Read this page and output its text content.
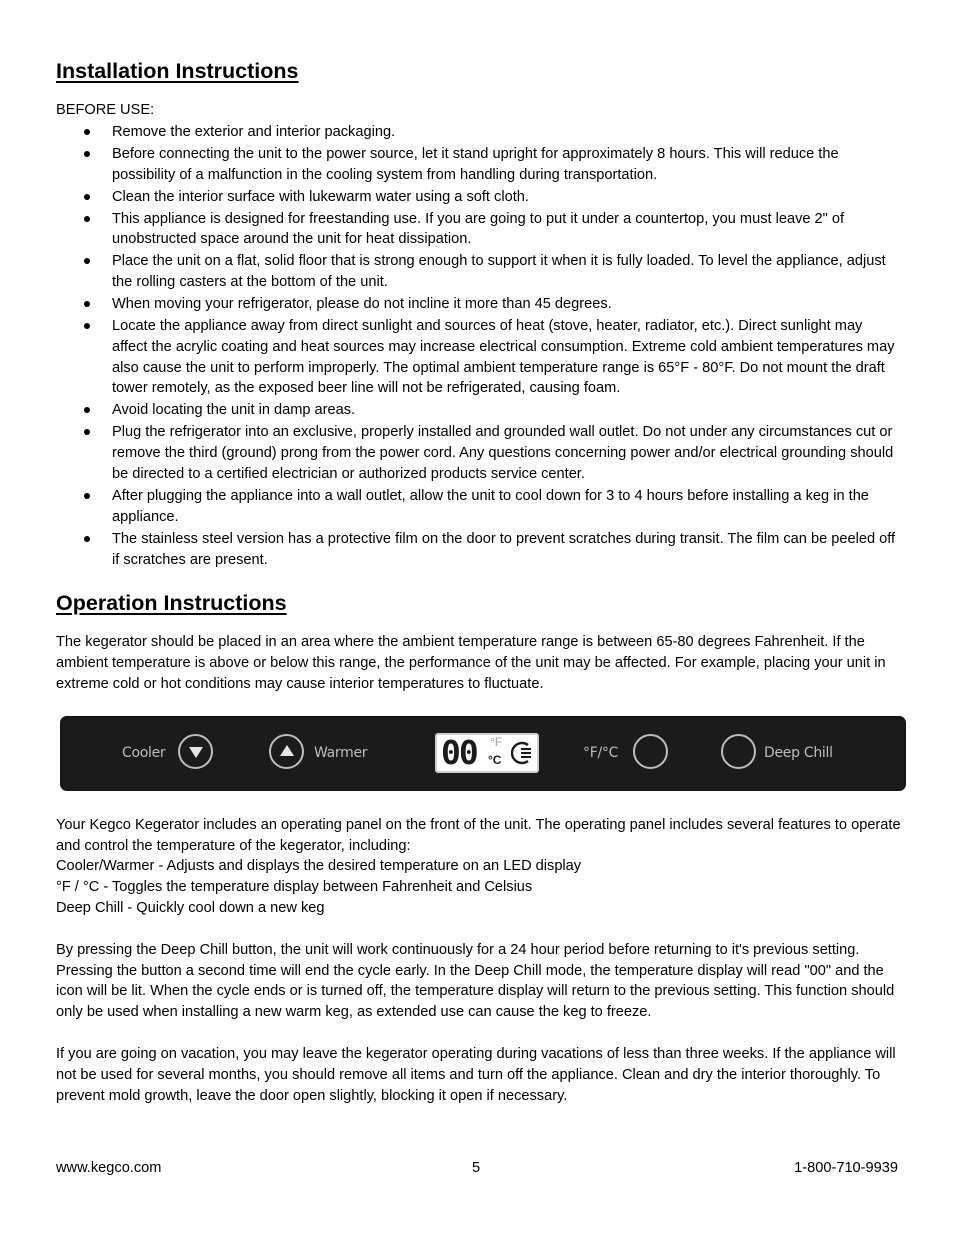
Installation Instructions
BEFORE USE:
Remove the exterior and interior packaging.
Before connecting the unit to the power source, let it stand upright for approximately 8 hours. This will reduce the possibility of a malfunction in the cooling system from handling during transportation.
Clean the interior surface with lukewarm water using a soft cloth.
This appliance is designed for freestanding use. If you are going to put it under a countertop, you must leave 2" of unobstructed space around the unit for heat dissipation.
Place the unit on a flat, solid floor that is strong enough to support it when it is fully loaded. To level the appliance, adjust the rolling casters at the bottom of the unit.
When moving your refrigerator, please do not incline it more than 45 degrees.
Locate the appliance away from direct sunlight and sources of heat (stove, heater, radiator, etc.). Direct sunlight may affect the acrylic coating and heat sources may increase electrical consumption. Extreme cold ambient temperatures may also cause the unit to perform improperly. The optimal ambient temperature range is 65°F - 80°F. Do not mount the draft tower remotely, as the exposed beer line will not be refrigerated, causing foam.
Avoid locating the unit in damp areas.
Plug the refrigerator into an exclusive, properly installed and grounded wall outlet. Do not under any circumstances cut or remove the third (ground) prong from the power cord. Any questions concerning power and/or electrical grounding should be directed to a certified electrician or authorized products service center.
After plugging the appliance into a wall outlet, allow the unit to cool down for 3 to 4 hours before installing a keg in the appliance.
The stainless steel version has a protective film on the door to prevent scratches during transit. The film can be peeled off if scratches are present.
Operation Instructions

The kegerator should be placed in an area where the ambient temperature range is between 65-80 degrees Fahrenheit. If the ambient temperature is above or below this range, the performance of the unit may be affected. For example, placing your unit in extreme cold or hot conditions may cause interior temperatures to fluctuate.

Cooler	Warmer 00 °F
°C	°F/°C	Deep Chill

Your Kegco Kegerator includes an operating panel on the front of the unit. The operating panel includes several features to operate and control the temperature of the kegerator, including:
Cooler/Warmer - Adjusts and displays the desired temperature on an LED display
°F / °C - Toggles the temperature display between Fahrenheit and Celsius
Deep Chill - Quickly cool down a new keg

By pressing the Deep Chill button, the unit will work continuously for a 24 hour period before returning to it's previous setting. Pressing the button a second time will end the cycle early. In the Deep Chill mode, the temperature display will read "00" and the icon will be lit. When the cycle ends or is turned off, the temperature display will return to the previous setting. This function should only be used when installing a new warm keg, as extended use can cause the keg to freeze.

If you are going on vacation, you may leave the kegerator operating during vacations of less than three weeks. If the appliance will not be used for several months, you should remove all items and turn off the appliance. Clean and dry the interior thoroughly. To prevent mold growth, leave the door open slightly, blocking it open if necessary.

www.kegco.com	5	1-800-710-9939
